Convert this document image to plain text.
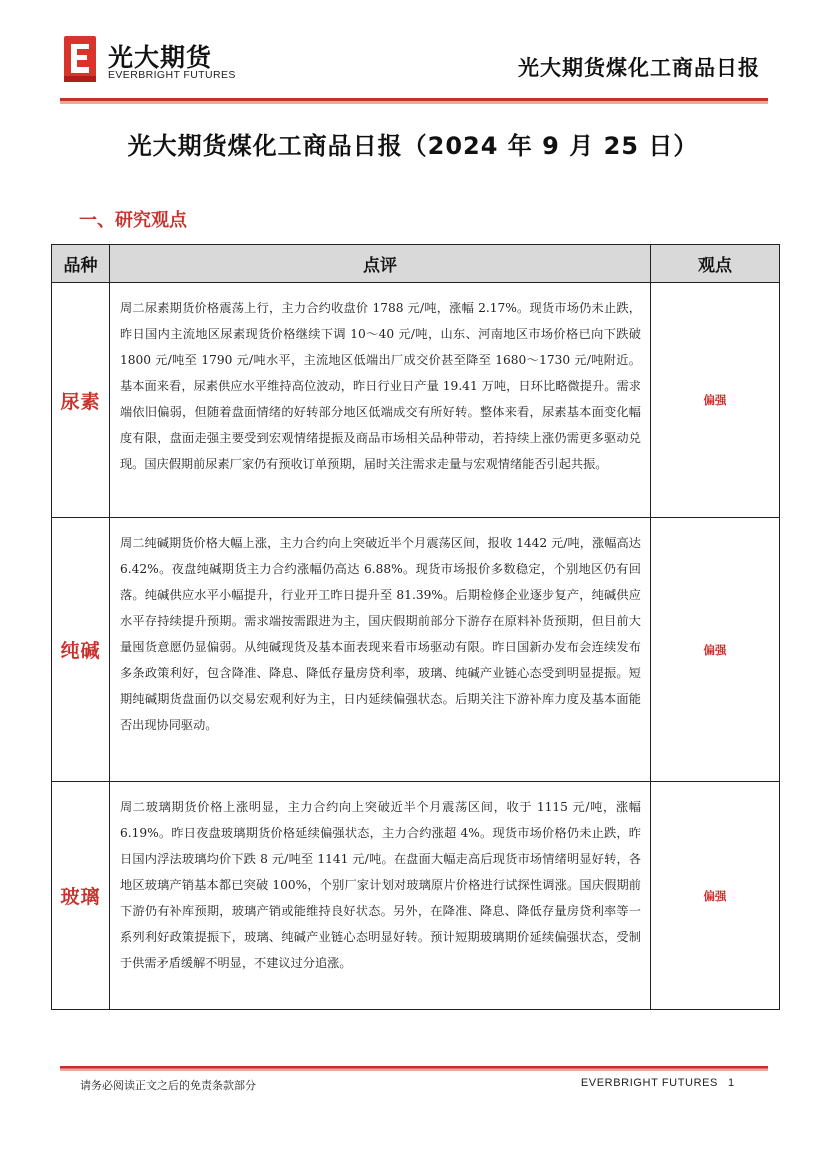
光大期货
EVERBRIGHT FUTURES	光大期货煤化工商品日报
光大期货煤化工商品日报（2024 年 9 月 25 日）
一、研究观点
品种	点评	观点
尿素	周二尿素期货价格震荡上行，主力合约收盘价 1788 元/吨，涨幅 2.17%。现货市场仍未止跌，昨日国内主流地区尿素现货价格继续下调 10～40 元/吨，山东、河南地区市场价格已向下跌破 1800 元/吨至 1790 元/吨水平，主流地区低端出厂成交价甚至降至 1680～1730 元/吨附近。基本面来看，尿素供应水平维持高位波动，昨日行业日产量 19.41 万吨，日环比略微提升。需求端依旧偏弱，但随着盘面情绪的好转部分地区低端成交有所好转。整体来看，尿素基本面变化幅度有限，盘面走强主要受到宏观情绪提振及商品市场相关品种带动，若持续上涨仍需更多驱动兑现。国庆假期前尿素厂家仍有预收订单预期，届时关注需求走量与宏观情绪能否引起共振。	偏强
纯碱	周二纯碱期货价格大幅上涨，主力合约向上突破近半个月震荡区间，报收 1442 元/吨，涨幅高达 6.42%。夜盘纯碱期货主力合约涨幅仍高达 6.88%。现货市场报价多数稳定，个别地区仍有回落。纯碱供应水平小幅提升，行业开工昨日提升至 81.39%。后期检修企业逐步复产，纯碱供应水平存持续提升预期。需求端按需跟进为主，国庆假期前部分下游存在原料补货预期，但目前大量囤货意愿仍显偏弱。从纯碱现货及基本面表现来看市场驱动有限。昨日国新办发布会连续发布多条政策利好，包含降准、降息、降低存量房贷利率，玻璃、纯碱产业链心态受到明显提振。短期纯碱期货盘面仍以交易宏观利好为主，日内延续偏强状态。后期关注下游补库力度及基本面能否出现协同驱动。	偏强
玻璃	周二玻璃期货价格上涨明显，主力合约向上突破近半个月震荡区间，收于 1115 元/吨，涨幅 6.19%。昨日夜盘玻璃期货价格延续偏强状态，主力合约涨超 4%。现货市场价格仍未止跌，昨日国内浮法玻璃均价下跌 8 元/吨至 1141 元/吨。在盘面大幅走高后现货市场情绪明显好转，各地区玻璃产销基本都已突破 100%，个别厂家计划对玻璃原片价格进行试探性调涨。国庆假期前下游仍有补库预期，玻璃产销或能维持良好状态。另外，在降准、降息、降低存量房贷利率等一系列利好政策提振下，玻璃、纯碱产业链心态明显好转。预计短期玻璃期价延续偏强状态，受制于供需矛盾缓解不明显，不建议过分追涨。	偏强
请务必阅读正文之后的免责条款部分	EVERBRIGHT FUTURES 1
